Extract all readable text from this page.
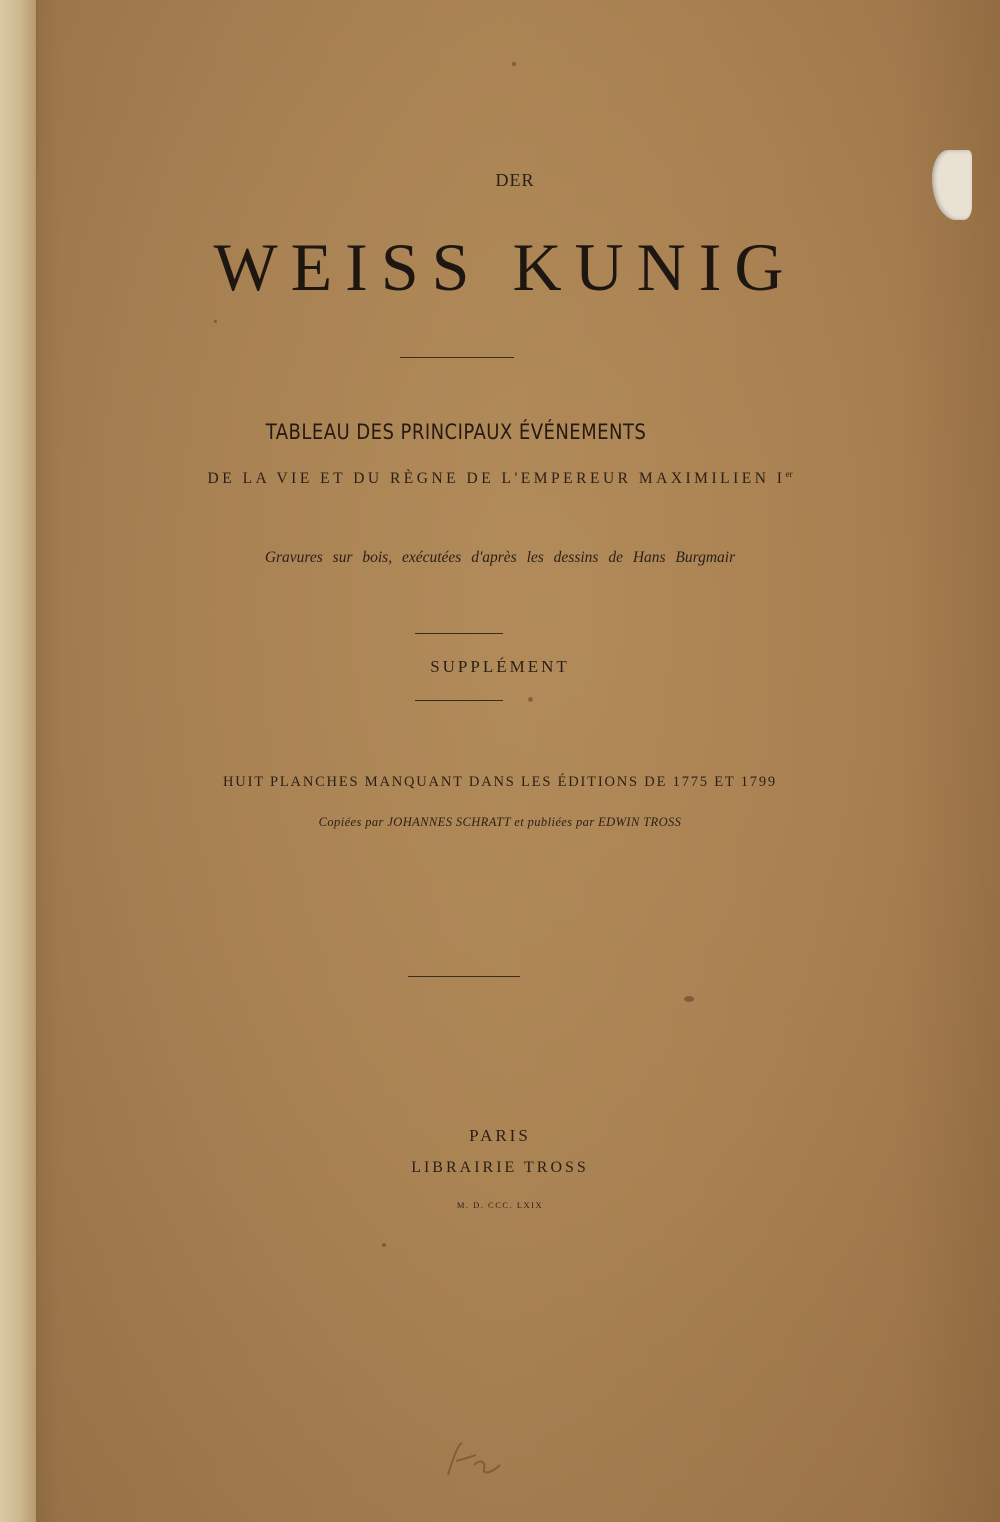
DER
WEISS KUNIG
TABLEAU DES PRINCIPAUX ÉVÉNEMENTS
DE LA VIE ET DU RÈGNE DE L'EMPEREUR MAXIMILIEN Ier
Gravures sur bois, exécutées d'après les dessins de Hans Burgmair
SUPPLÉMENT
HUIT PLANCHES MANQUANT DANS LES ÉDITIONS DE 1775 ET 1799
Copiées par JOHANNES SCHRATT et publiées par EDWIN TROSS
PARIS
LIBRAIRIE TROSS
M. D. CCC. LXIX
